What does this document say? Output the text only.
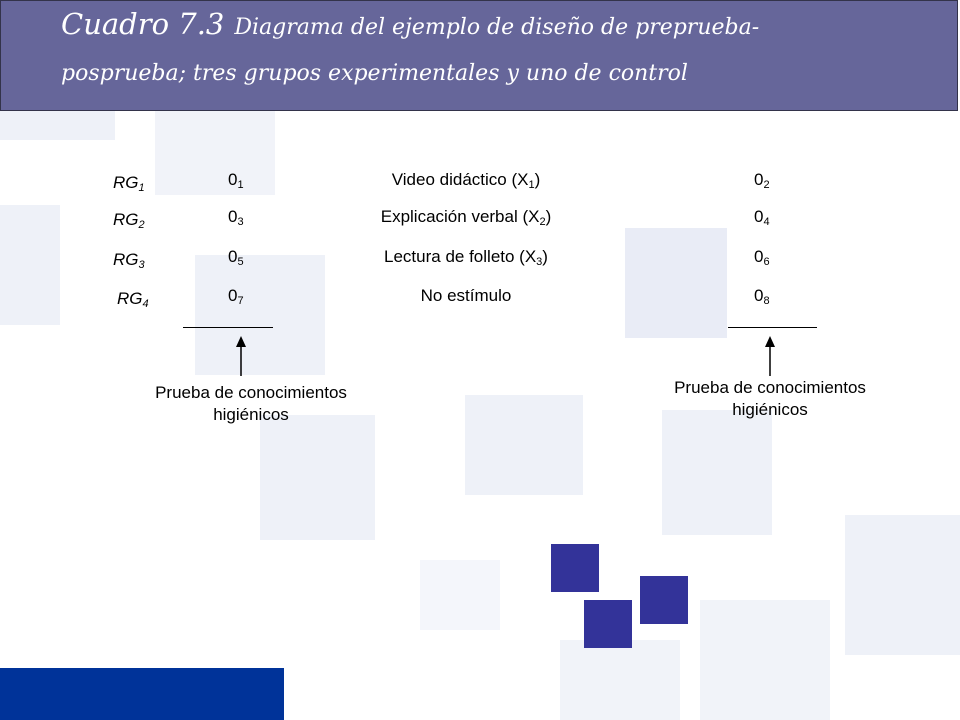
Cuadro 7.3 Diagrama del ejemplo de diseño de preprueba-
posprueba; tres grupos experimentales y uno de control
$RG_1$	$0_1$	Video didáctico $(X_1)$	$0_2$
$RG_2$	$0_3$	Explicación verbal $(X_2)$	$0_4$
$RG_3$	$0_5$	Lectura de folleto $(X_3)$	$0_6$
$RG_4$	$0_7$	No estímulo	$0_8$
Prueba de conocimientos
higiénicos
Prueba de conocimientos
higiénicos
